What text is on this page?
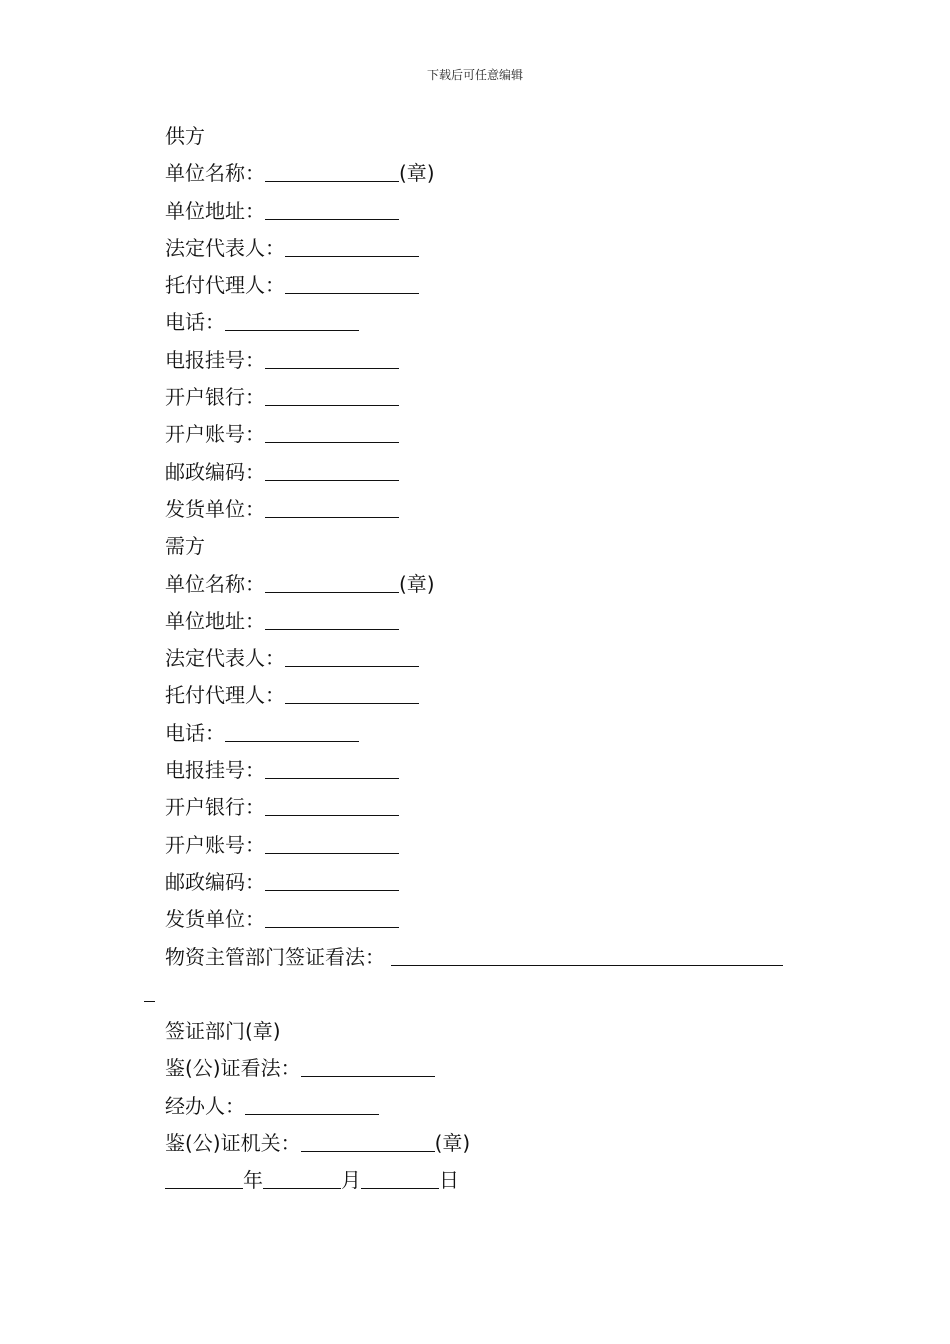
下载后可任意编辑
供方
单位名称：	(章)
单位地址：
法定代表人：
托付代理人：
电话：
电报挂号：
开户银行：
开户账号：
邮政编码：
发货单位：
需方
单位名称：	(章)
单位地址：
法定代表人：
托付代理人：
电话：
电报挂号：
开户银行：
开户账号：
邮政编码：
发货单位：
物资主管部门签证看法：
签证部门(章)
鉴(公)证看法：
经办人：
鉴(公)证机关：	(章)
年	月	日
